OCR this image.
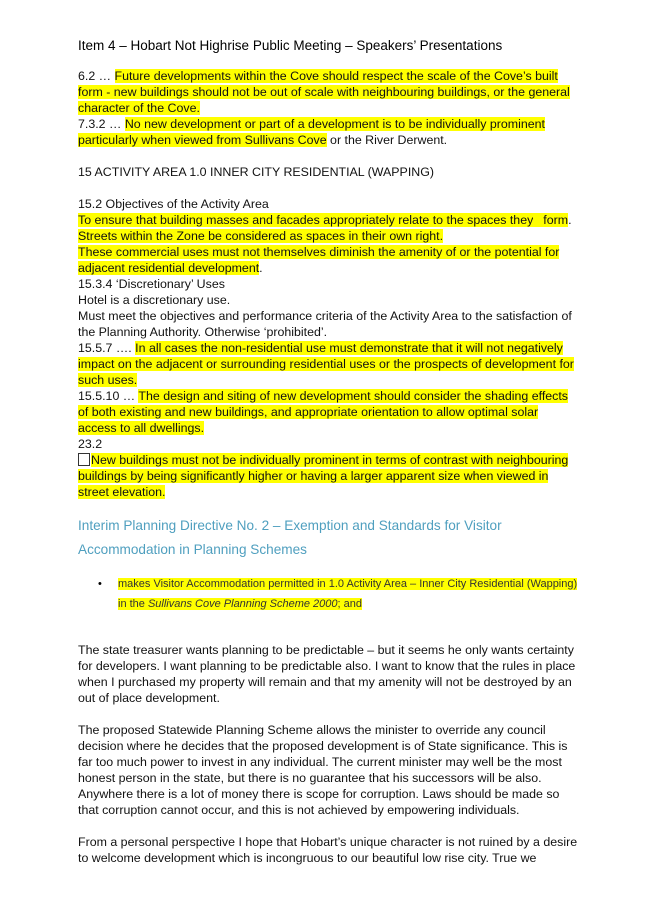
Item 4 – Hobart Not Highrise Public Meeting – Speakers’ Presentations

6.2 … Future developments within the Cove should respect the scale of the Cove’s built form - new buildings should not be out of scale with neighbouring buildings, or the general character of the Cove.

7.3.2 … No new development or part of a development is to be individually prominent particularly when viewed from Sullivans Cove or the River Derwent.

15 ACTIVITY AREA 1.0 INNER CITY RESIDENTIAL (WAPPING)

15.2 Objectives of the Activity Area

To ensure that building masses and facades appropriately relate to the spaces they form.

Streets within the Zone be considered as spaces in their own right.

These commercial uses must not themselves diminish the amenity of or the potential for adjacent residential development.

15.3.4 ‘Discretionary’ Uses

Hotel is a discretionary use.

Must meet the objectives and performance criteria of the Activity Area to the satisfaction of the Planning Authority. Otherwise ‘prohibited’.

15.5.7 …. In all cases the non-residential use must demonstrate that it will not negatively impact on the adjacent or surrounding residential uses or the prospects of development for such uses.

15.5.10 … The design and siting of new development should consider the shading effects of both existing and new buildings, and appropriate orientation to allow optimal solar access to all dwellings.

23.2

New buildings must not be individually prominent in terms of contrast with neighbouring buildings by being significantly higher or having a larger apparent size when viewed in street elevation.

Interim Planning Directive No. 2 – Exemption and Standards for Visitor Accommodation in Planning Schemes
• makes Visitor Accommodation permitted in 1.0 Activity Area – Inner City Residential (Wapping) in the Sullivans Cove Planning Scheme 2000; and

The state treasurer wants planning to be predictable – but it seems he only wants certainty for developers. I want planning to be predictable also. I want to know that the rules in place when I purchased my property will remain and that my amenity will not be destroyed by an out of place development.

The proposed Statewide Planning Scheme allows the minister to override any council decision where he decides that the proposed development is of State significance. This is far too much power to invest in any individual. The current minister may well be the most honest person in the state, but there is no guarantee that his successors will be also. Anywhere there is a lot of money there is scope for corruption. Laws should be made so that corruption cannot occur, and this is not achieved by empowering individuals.

From a personal perspective I hope that Hobart’s unique character is not ruined by a desire to welcome development which is incongruous to our beautiful low rise city. True we
